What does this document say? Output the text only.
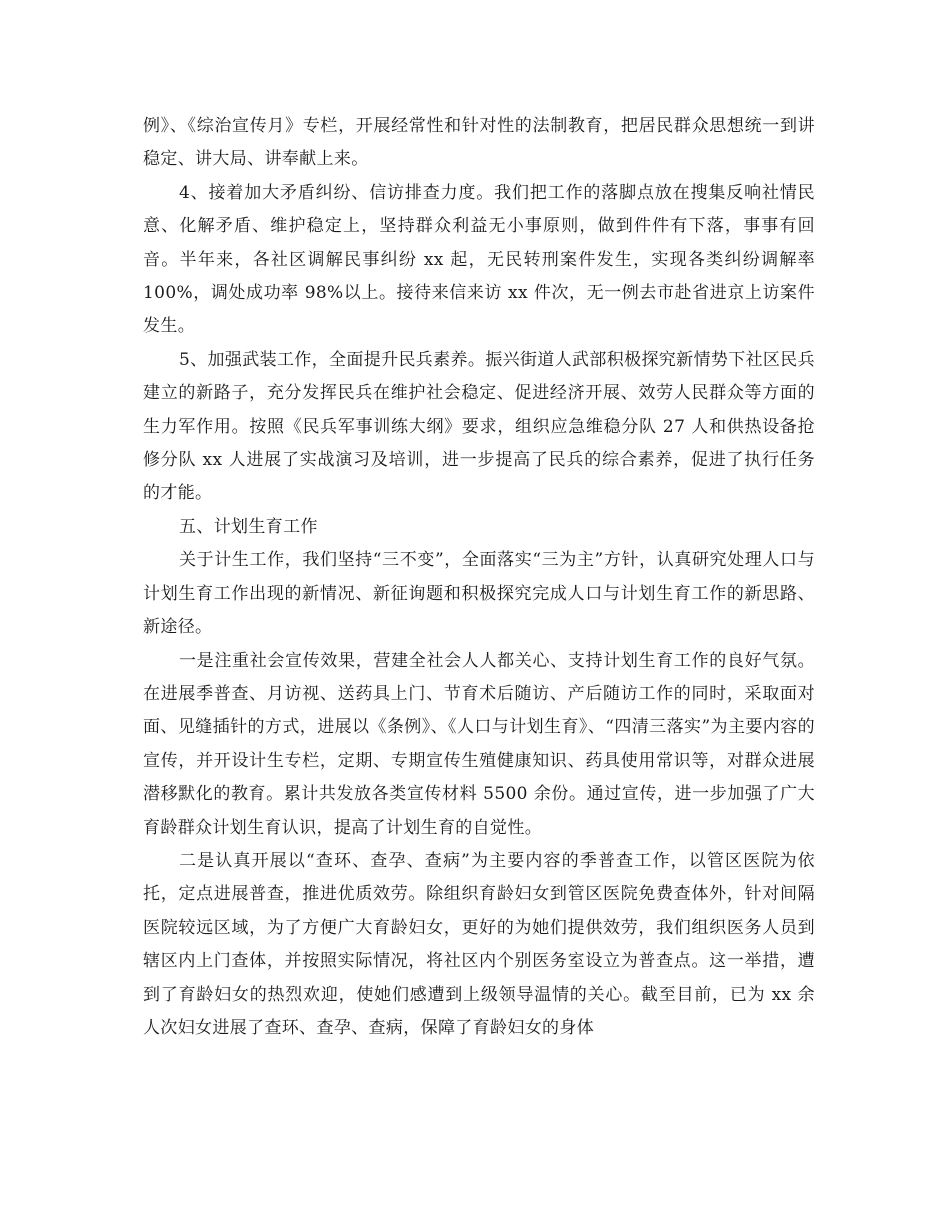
例》、《综治宣传月》专栏，开展经常性和针对性的法制教育，把居民群众思想统一到讲稳定、讲大局、讲奉献上来。

4、接着加大矛盾纠纷、信访排查力度。我们把工作的落脚点放在搜集反响社情民意、化解矛盾、维护稳定上，坚持群众利益无小事原则，做到件件有下落，事事有回音。半年来，各社区调解民事纠纷 xx 起，无民转刑案件发生，实现各类纠纷调解率 100%，调处成功率 98%以上。接待来信来访 xx 件次，无一例去市赴省进京上访案件发生。

5、加强武装工作，全面提升民兵素养。振兴街道人武部积极探究新情势下社区民兵建立的新路子，充分发挥民兵在维护社会稳定、促进经济开展、效劳人民群众等方面的生力军作用。按照《民兵军事训练大纲》要求，组织应急维稳分队 27 人和供热设备抢修分队 xx 人进展了实战演习及培训，进一步提高了民兵的综合素养，促进了执行任务的才能。

五、计划生育工作

关于计生工作，我们坚持“三不变”，全面落实“三为主”方针，认真研究处理人口与计划生育工作出现的新情况、新征询题和积极探究完成人口与计划生育工作的新思路、新途径。

一是注重社会宣传效果，营建全社会人人都关心、支持计划生育工作的良好气氛。在进展季普查、月访视、送药具上门、节育术后随访、产后随访工作的同时，采取面对面、见缝插针的方式，进展以《条例》、《人口与计划生育》、“四清三落实”为主要内容的宣传，并开设计生专栏，定期、专期宣传生殖健康知识、药具使用常识等，对群众进展潜移默化的教育。累计共发放各类宣传材料 5500 余份。通过宣传，进一步加强了广大育龄群众计划生育认识，提高了计划生育的自觉性。

二是认真开展以“查环、查孕、查病”为主要内容的季普查工作，以管区医院为依托，定点进展普查，推进优质效劳。除组织育龄妇女到管区医院免费查体外，针对间隔医院较远区域，为了方便广大育龄妇女，更好的为她们提供效劳，我们组织医务人员到辖区内上门查体，并按照实际情况，将社区内个别医务室设立为普查点。这一举措，遭到了育龄妇女的热烈欢迎，使她们感遭到上级领导温情的关心。截至目前，已为 xx 余人次妇女进展了查环、查孕、查病，保障了育龄妇女的身体
